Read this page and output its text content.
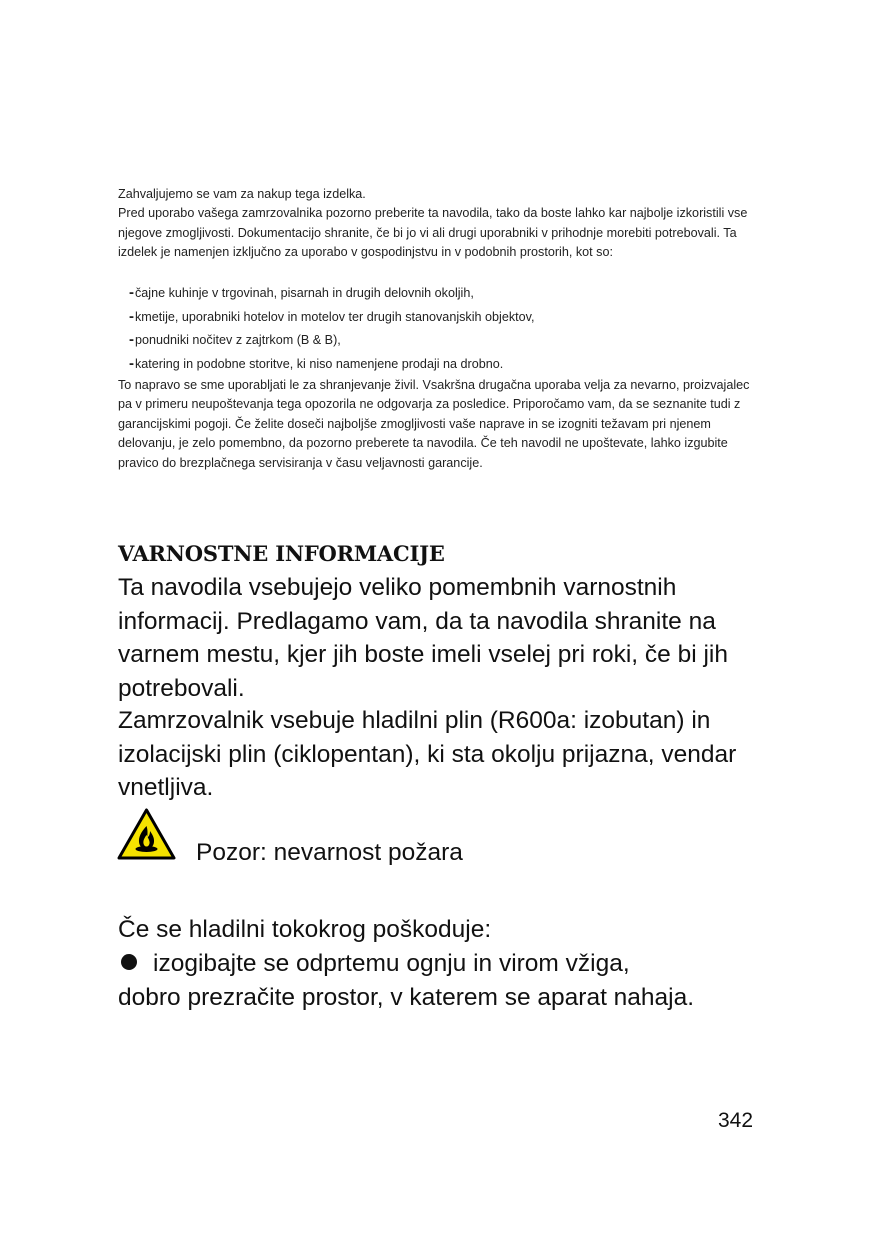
Zahvaljujemo se vam za nakup tega izdelka.
Pred uporabo vašega zamrzovalnika pozorno preberite ta navodila, tako da boste lahko kar najbolje izkoristili vse njegove zmogljivosti. Dokumentacijo shranite, če bi jo vi ali drugi uporabniki v prihodnje morebiti potrebovali. Ta izdelek je namenjen izključno za uporabo v gospodinjstvu in v podobnih prostorih, kot so:
-čajne kuhinje v trgovinah, pisarnah in drugih delovnih okoljih,
-kmetije, uporabniki hotelov in motelov ter drugih stanovanjskih objektov,
-ponudniki nočitev z zajtrkom (B & B),
-katering in podobne storitve, ki niso namenjene prodaji na drobno.
To napravo se sme uporabljati le za shranjevanje živil. Vsakršna drugačna uporaba velja za nevarno, proizvajalec pa v primeru neupoštevanja tega opozorila ne odgovarja za posledice. Priporočamo vam, da se seznanite tudi z garancijskimi pogoji. Če želite doseči najboljše zmogljivosti vaše naprave in se izogniti težavam pri njenem delovanju, je zelo pomembno, da pozorno preberete ta navodila. Če teh navodil ne upoštevate, lahko izgubite pravico do brezplačnega servisiranja v času veljavnosti garancije.
VARNOSTNE INFORMACIJE
Ta navodila vsebujejo veliko pomembnih varnostnih informacij. Predlagamo vam, da ta navodila shranite na varnem mestu, kjer jih boste imeli vselej pri roki, če bi jih potrebovali.
Zamrzovalnik vsebuje hladilni plin (R600a: izobutan) in izolacijski plin (ciklopentan), ki sta okolju prijazna, vendar vnetljiva.
Pozor: nevarnost požara
Če se hladilni tokokrog poškoduje:
izogibajte se odprtemu ognju in virom vžiga,
dobro prezračite prostor, v katerem se aparat nahaja.
342
